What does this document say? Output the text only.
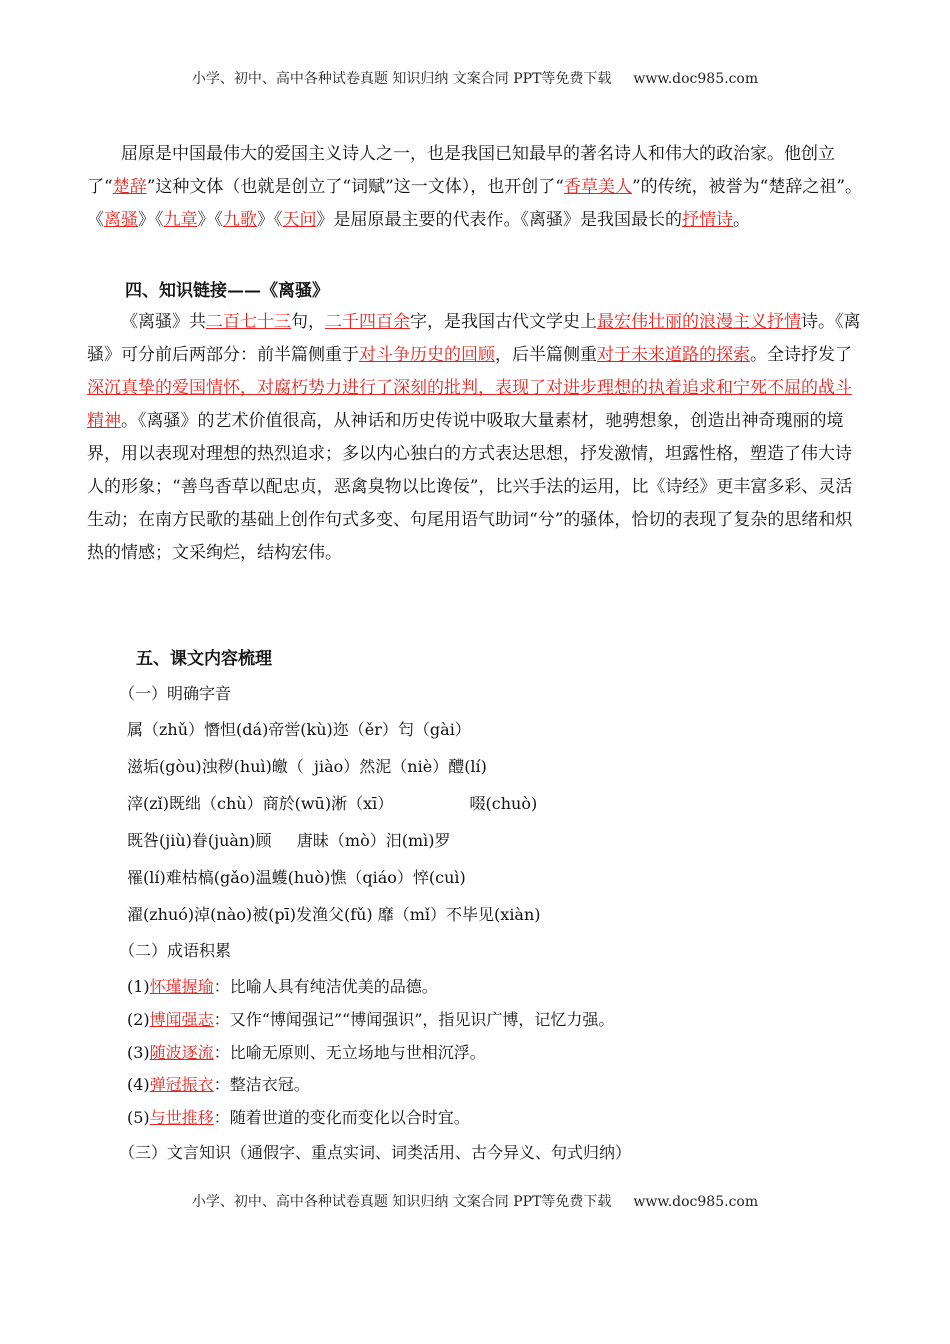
小学、初中、高中各种试卷真题 知识归纳 文案合同 PPT等免费下载 www.doc985.com
屈原是中国最伟大的爱国主义诗人之一，也是我国已知最早的著名诗人和伟大的政治家。他创立了“楚辞”这种文体（也就是创立了“词赋”这一文体），也开创了“香草美人”的传统，被誉为“楚辞之祖”。《离骚》《九章》《九歌》《天问》是屈原最主要的代表作。《离骚》是我国最长的抒情诗。
四、知识链接——《离骚》
《离骚》共二百七十三句，二千四百余字，是我国古代文学史上最宏伟壮丽的浪漫主义抒情诗。《离骚》可分前后两部分：前半篇侧重于对斗争历史的回顾，后半篇侧重对于未来道路的探索。全诗抒发了深沉真挚的爱国情怀，对腐朽势力进行了深刻的批判，表现了对进步理想的执着追求和宁死不屈的战斗精神。《离骚》的艺术价值很高，从神话和历史传说中吸取大量素材，驰骋想象，创造出神奇瑰丽的境界，用以表现对理想的热烈追求；多以内心独白的方式表达思想，抒发激情，坦露性格，塑造了伟大诗人的形象；“善鸟香草以配忠贞，恶禽臭物以比谗佞”，比兴手法的运用，比《诗经》更丰富多彩、灵活生动；在南方民歌的基础上创作句式多变、句尾用语气助词“兮”的骚体，恰切的表现了复杂的思绪和炽热的情感；文采绚烂，结构宏伟。
五、课文内容梳理
（一）明确字音
属（zhǔ）憯怛(dá)帝喾(kù)迩（ěr）匄（gài）
滋垢(gòu)浊秽(huì)皦（  jiào）然泥（niè）醴(lí)
滓(zǐ)既绌（chù）商於(wū)淅（xī）               啜(chuò)
既咎(jiù)眷(juàn)顾     唐昧（mò）汨(mì)罗
罹(lí)难枯槁(gǎo)温蠖(huò)憔（qiáo）悴(cuì)
濯(zhuó)淖(nào)被(pī)发渔父(fǔ) 靡（mǐ）不毕见(xiàn)
（二）成语积累
(1)怀瑾握瑜：比喻人具有纯洁优美的品德。
(2)博闻强志：又作“博闻强记”“博闻强识”，指见识广博，记忆力强。
(3)随波逐流：比喻无原则、无立场地与世相沉浮。
(4)弹冠振衣：整洁衣冠。
(5)与世推移：随着世道的变化而变化以合时宜。
（三）文言知识（通假字、重点实词、词类活用、古今异义、句式归纳）
小学、初中、高中各种试卷真题 知识归纳 文案合同 PPT等免费下载 www.doc985.com
